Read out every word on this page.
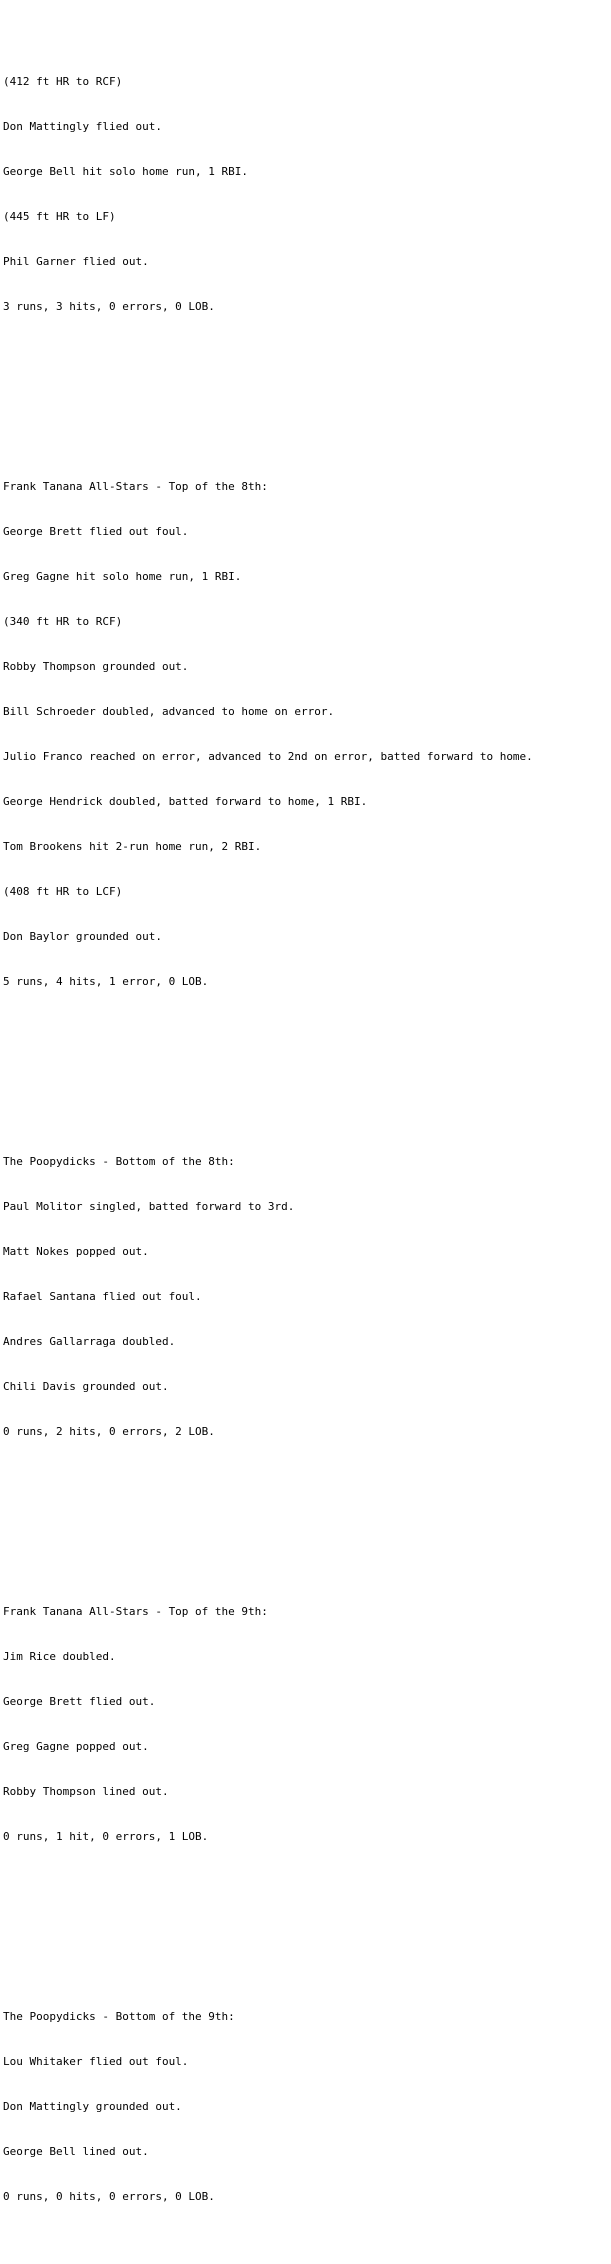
(412 ft HR to RCF)

Don Mattingly flied out.

George Bell hit solo home run, 1 RBI.

(445 ft HR to LF)

Phil Garner flied out.

3 runs, 3 hits, 0 errors, 0 LOB.

Frank Tanana All-Stars - Top of the 8th:

George Brett flied out foul.

Greg Gagne hit solo home run, 1 RBI.

(340 ft HR to RCF)

Robby Thompson grounded out.

Bill Schroeder doubled, advanced to home on error.

Julio Franco reached on error, advanced to 2nd on error, batted forward to home.

George Hendrick doubled, batted forward to home, 1 RBI.

Tom Brookens hit 2-run home run, 2 RBI.

(408 ft HR to LCF)

Don Baylor grounded out.

5 runs, 4 hits, 1 error, 0 LOB.

The Poopydicks - Bottom of the 8th:

Paul Molitor singled, batted forward to 3rd.

Matt Nokes popped out.

Rafael Santana flied out foul.

Andres Gallarraga doubled.

Chili Davis grounded out.

0 runs, 2 hits, 0 errors, 2 LOB.

Frank Tanana All-Stars - Top of the 9th:

Jim Rice doubled.

George Brett flied out.

Greg Gagne popped out.

Robby Thompson lined out.

0 runs, 1 hit, 0 errors, 1 LOB.

The Poopydicks - Bottom of the 9th:

Lou Whitaker flied out foul.

Don Mattingly grounded out.

George Bell lined out.

0 runs, 0 hits, 0 errors, 0 LOB.
